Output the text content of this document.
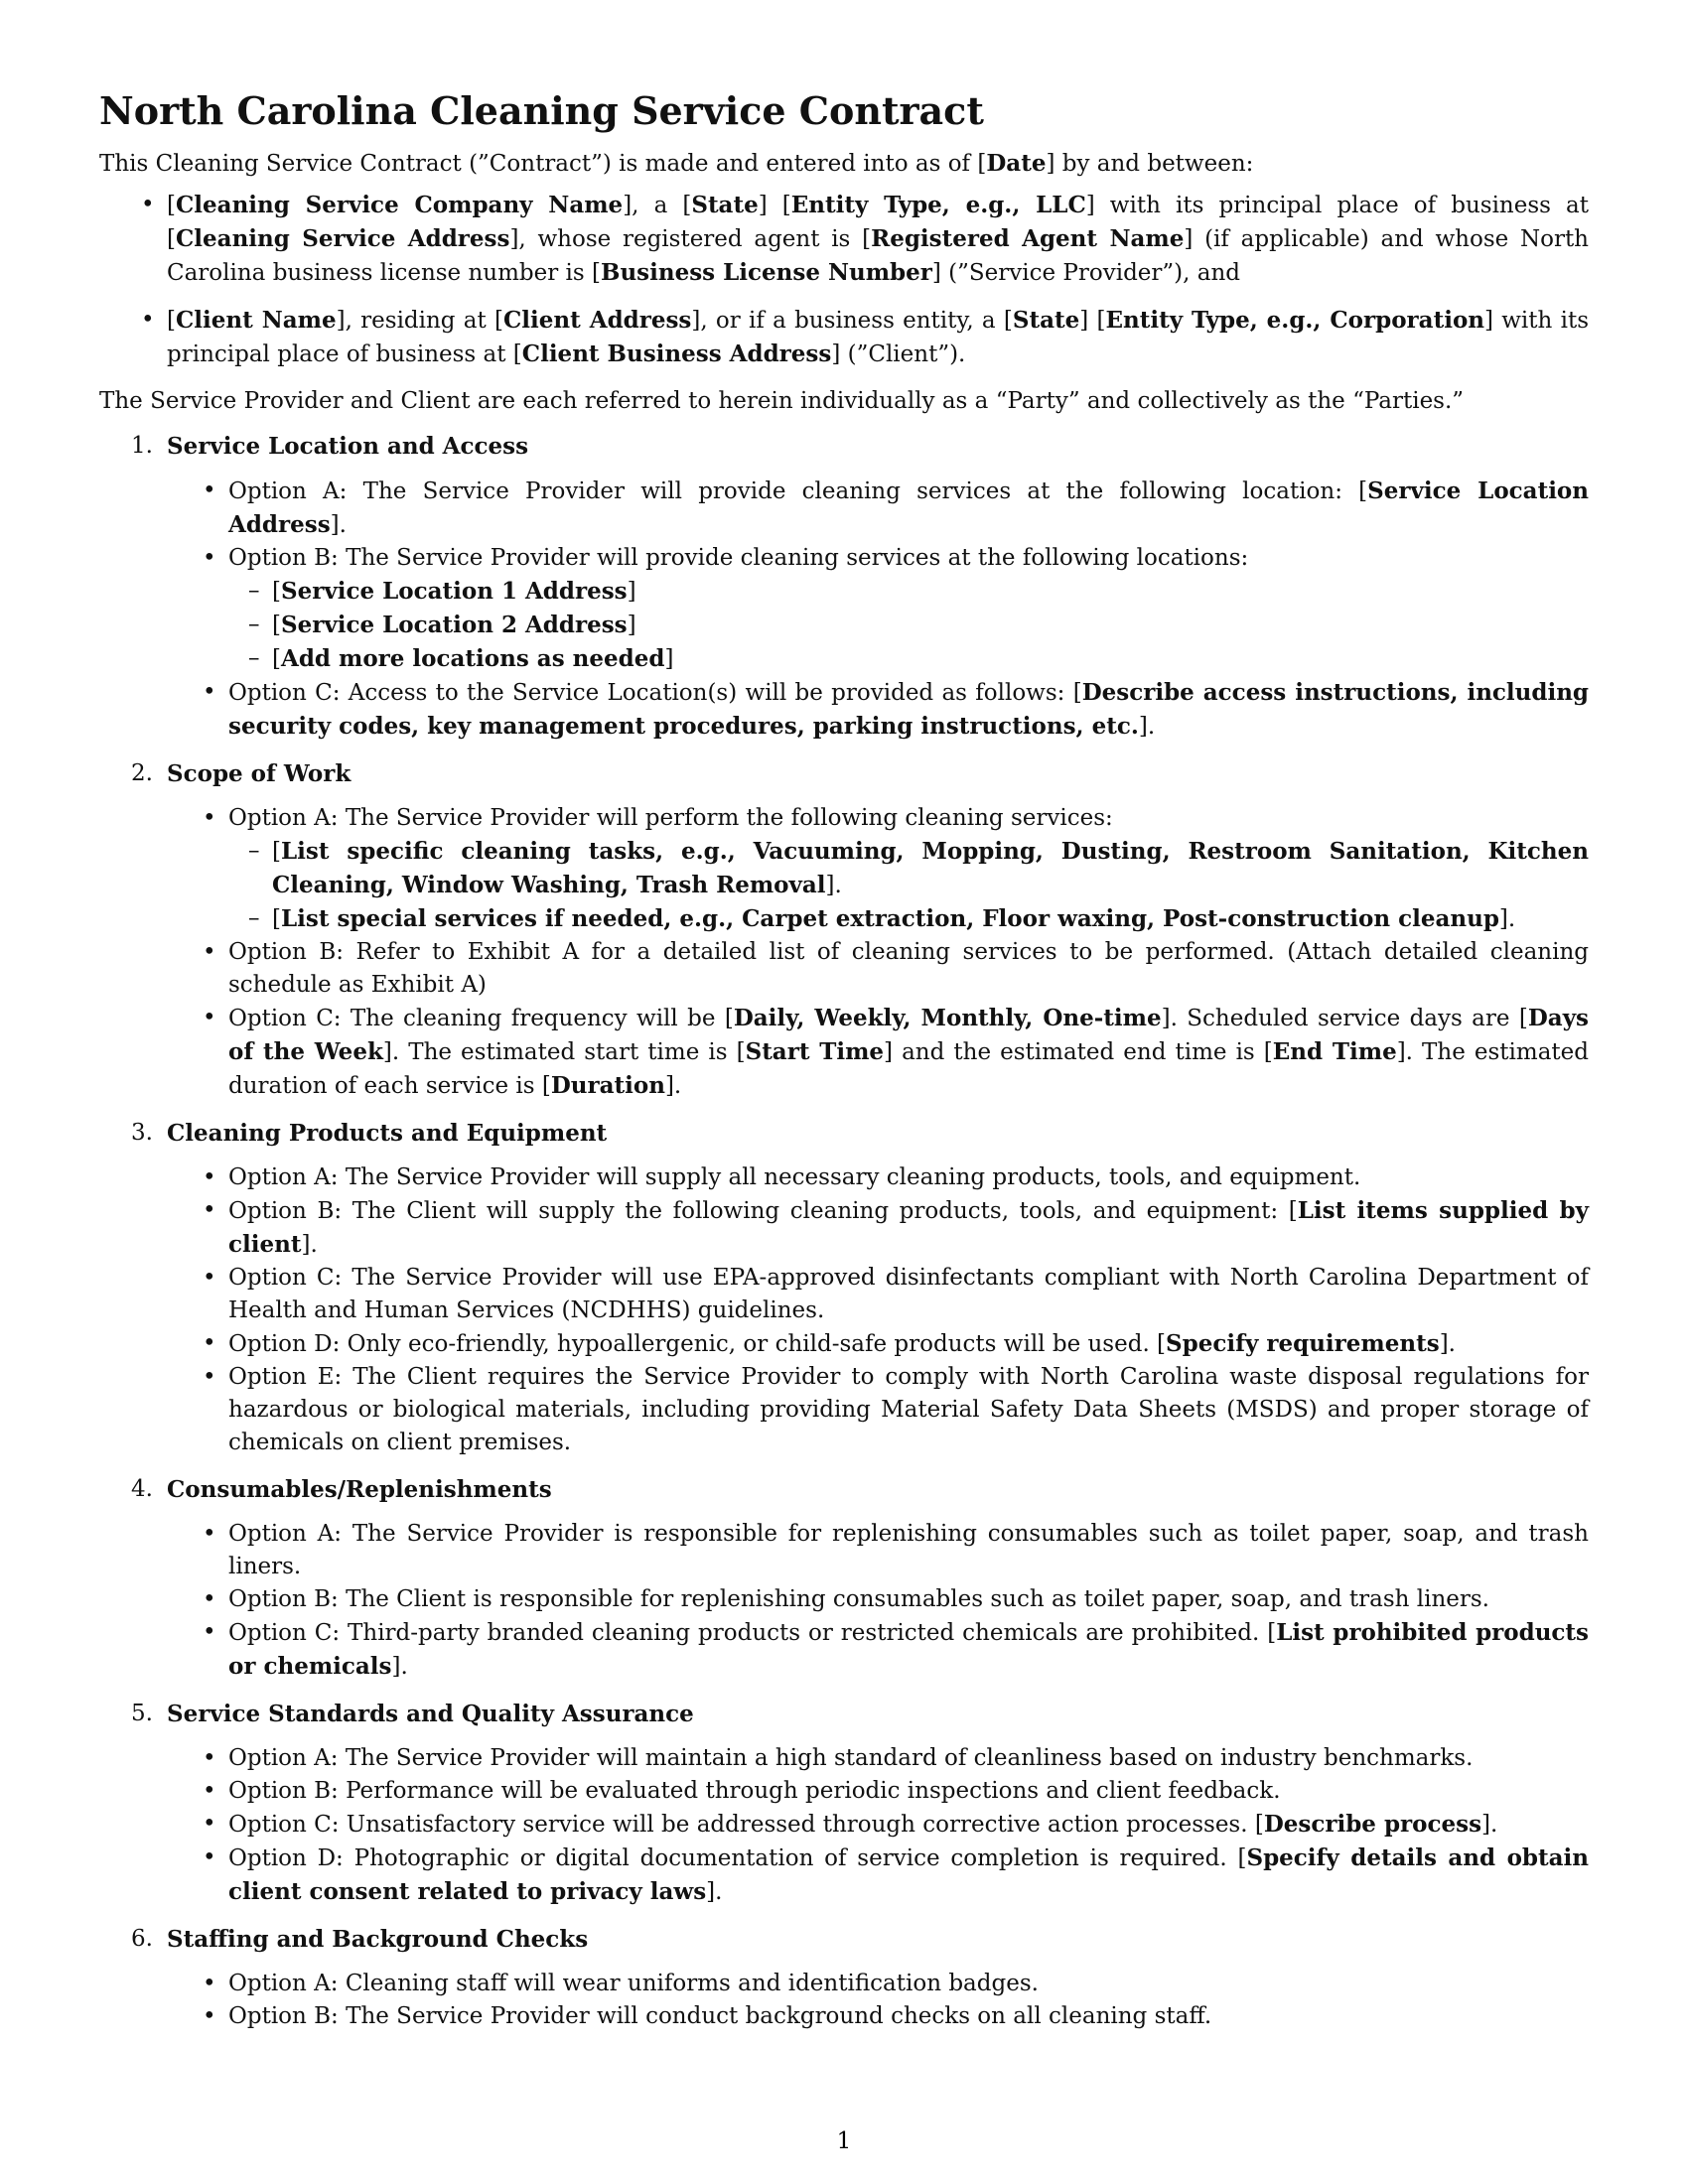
North Carolina Cleaning Service Contract

This Cleaning Service Contract (”Contract”) is made and entered into as of [Date] by and between:

• [Cleaning Service Company Name], a [State] [Entity Type, e.g., LLC] with its principal place of business at [Cleaning Service Address], whose registered agent is [Registered Agent Name] (if applicable) and whose North Carolina business license number is [Business License Number] (”Service Provider”), and
• [Client Name], residing at [Client Address], or if a business entity, a [State] [Entity Type, e.g., Corporation] with its principal place of business at [Client Business Address] (”Client”).

The Service Provider and Client are each referred to herein individually as a “Party” and collectively as the “Parties.”

1. Service Location and Access
• Option A: The Service Provider will provide cleaning services at the following location: [Service Location Address].
• Option B: The Service Provider will provide cleaning services at the following locations:
– [Service Location 1 Address]
– [Service Location 2 Address]
– [Add more locations as needed]
• Option C: Access to the Service Location(s) will be provided as follows: [Describe access instructions, including security codes, key management procedures, parking instructions, etc.].
2. Scope of Work
• Option A: The Service Provider will perform the following cleaning services:
– [List specific cleaning tasks, e.g., Vacuuming, Mopping, Dusting, Restroom Sanitation, Kitchen Cleaning, Window Washing, Trash Removal].
– [List special services if needed, e.g., Carpet extraction, Floor waxing, Post-construction cleanup].
• Option B: Refer to Exhibit A for a detailed list of cleaning services to be performed. (Attach detailed cleaning schedule as Exhibit A)
• Option C: The cleaning frequency will be [Daily, Weekly, Monthly, One-time]. Scheduled service days are [Days of the Week]. The estimated start time is [Start Time] and the estimated end time is [End Time]. The estimated duration of each service is [Duration].
3. Cleaning Products and Equipment
• Option A: The Service Provider will supply all necessary cleaning products, tools, and equipment.
• Option B: The Client will supply the following cleaning products, tools, and equipment: [List items supplied by client].
• Option C: The Service Provider will use EPA-approved disinfectants compliant with North Carolina Department of Health and Human Services (NCDHHS) guidelines.
• Option D: Only eco-friendly, hypoallergenic, or child-safe products will be used. [Specify requirements].
• Option E: The Client requires the Service Provider to comply with North Carolina waste disposal regulations for hazardous or biological materials, including providing Material Safety Data Sheets (MSDS) and proper storage of chemicals on client premises.
4. Consumables/Replenishments
• Option A: The Service Provider is responsible for replenishing consumables such as toilet paper, soap, and trash liners.
• Option B: The Client is responsible for replenishing consumables such as toilet paper, soap, and trash liners.
• Option C: Third-party branded cleaning products or restricted chemicals are prohibited. [List prohibited products or chemicals].
5. Service Standards and Quality Assurance
• Option A: The Service Provider will maintain a high standard of cleanliness based on industry benchmarks.
• Option B: Performance will be evaluated through periodic inspections and client feedback.
• Option C: Unsatisfactory service will be addressed through corrective action processes. [Describe process].
• Option D: Photographic or digital documentation of service completion is required. [Specify details and obtain client consent related to privacy laws].
6. Staffing and Background Checks
• Option A: Cleaning staff will wear uniforms and identification badges.
• Option B: The Service Provider will conduct background checks on all cleaning staff.
1
